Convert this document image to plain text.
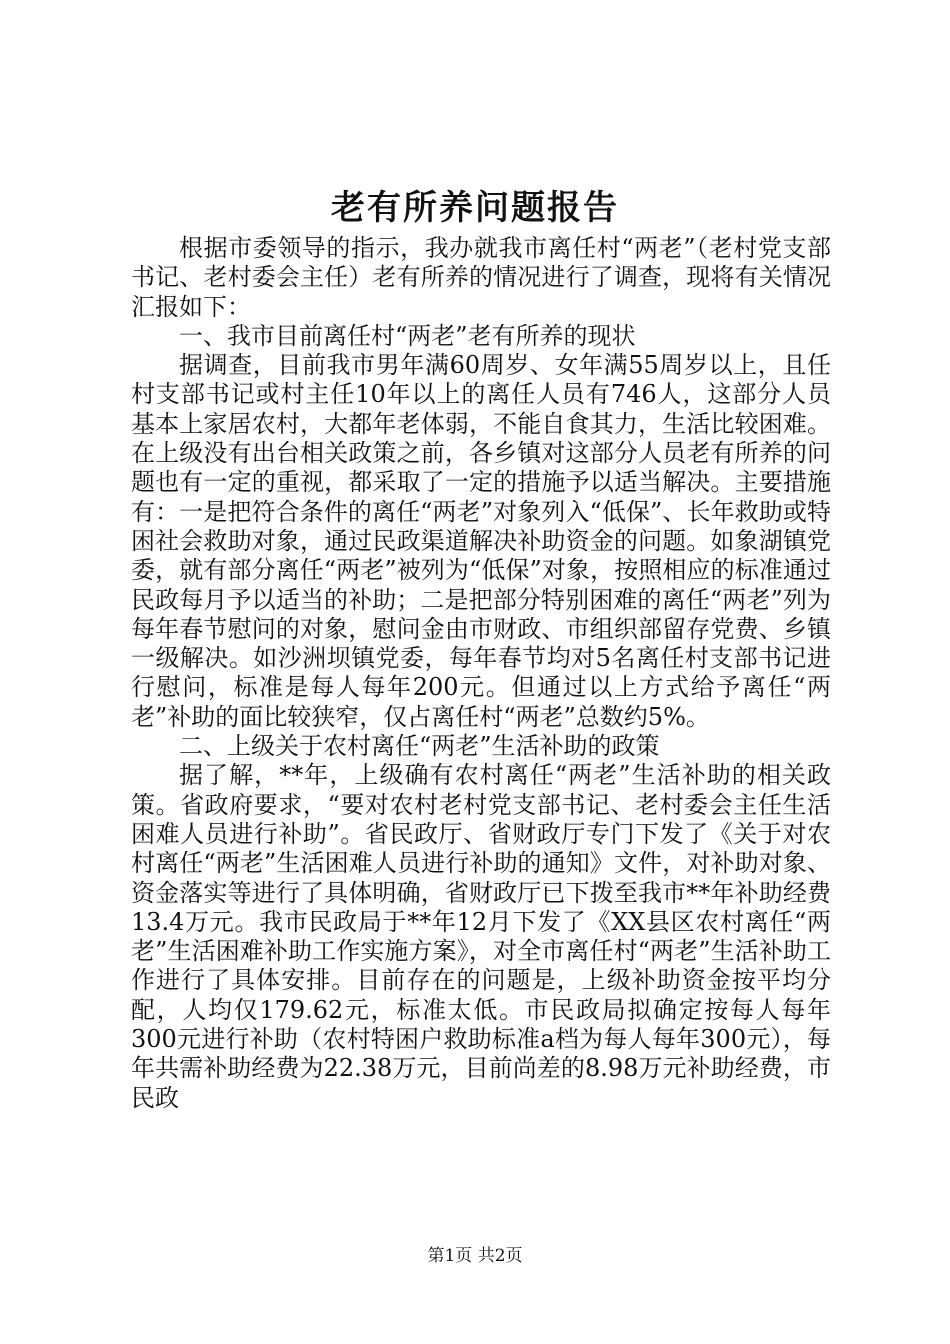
老有所养问题报告

根据市委领导的指示，我办就我市离任村“两老”（老村党支部书记、老村委会主任）老有所养的情况进行了调查，现将有关情况汇报如下：

一、我市目前离任村“两老”老有所养的现状

据调查，目前我市男年满60周岁、女年满55周岁以上，且任村支部书记或村主任10年以上的离任人员有746人，这部分人员基本上家居农村，大都年老体弱，不能自食其力，生活比较困难。在上级没有出台相关政策之前，各乡镇对这部分人员老有所养的问题也有一定的重视，都采取了一定的措施予以适当解决。主要措施有：一是把符合条件的离任“两老”对象列入“低保”、长年救助或特困社会救助对象，通过民政渠道解决补助资金的问题。如象湖镇党委，就有部分离任“两老”被列为“低保”对象，按照相应的标准通过民政每月予以适当的补助；二是把部分特别困难的离任“两老”列为每年春节慰问的对象，慰问金由市财政、市组织部留存党费、乡镇一级解决。如沙洲坝镇党委，每年春节均对5名离任村支部书记进行慰问，标准是每人每年200元。但通过以上方式给予离任“两老”补助的面比较狭窄，仅占离任村“两老”总数约5%。

二、上级关于农村离任“两老”生活补助的政策

据了解，**年，上级确有农村离任“两老”生活补助的相关政策。省政府要求，“要对农村老村党支部书记、老村委会主任生活困难人员进行补助”。省民政厅、省财政厅专门下发了《关于对农村离任“两老”生活困难人员进行补助的通知》文件，对补助对象、资金落实等进行了具体明确，省财政厅已下拨至我市**年补助经费13.4万元。我市民政局于**年12月下发了《XX县区农村离任“两老”生活困难补助工作实施方案》，对全市离任村“两老”生活补助工作进行了具体安排。目前存在的问题是，上级补助资金按平均分配，人均仅179.62元，标准太低。市民政局拟确定按每人每年300元进行补助（农村特困户救助标准a档为每人每年300元），每年共需补助经费为22.38万元，目前尚差的8.98万元补助经费，市民政

第1页 共2页
